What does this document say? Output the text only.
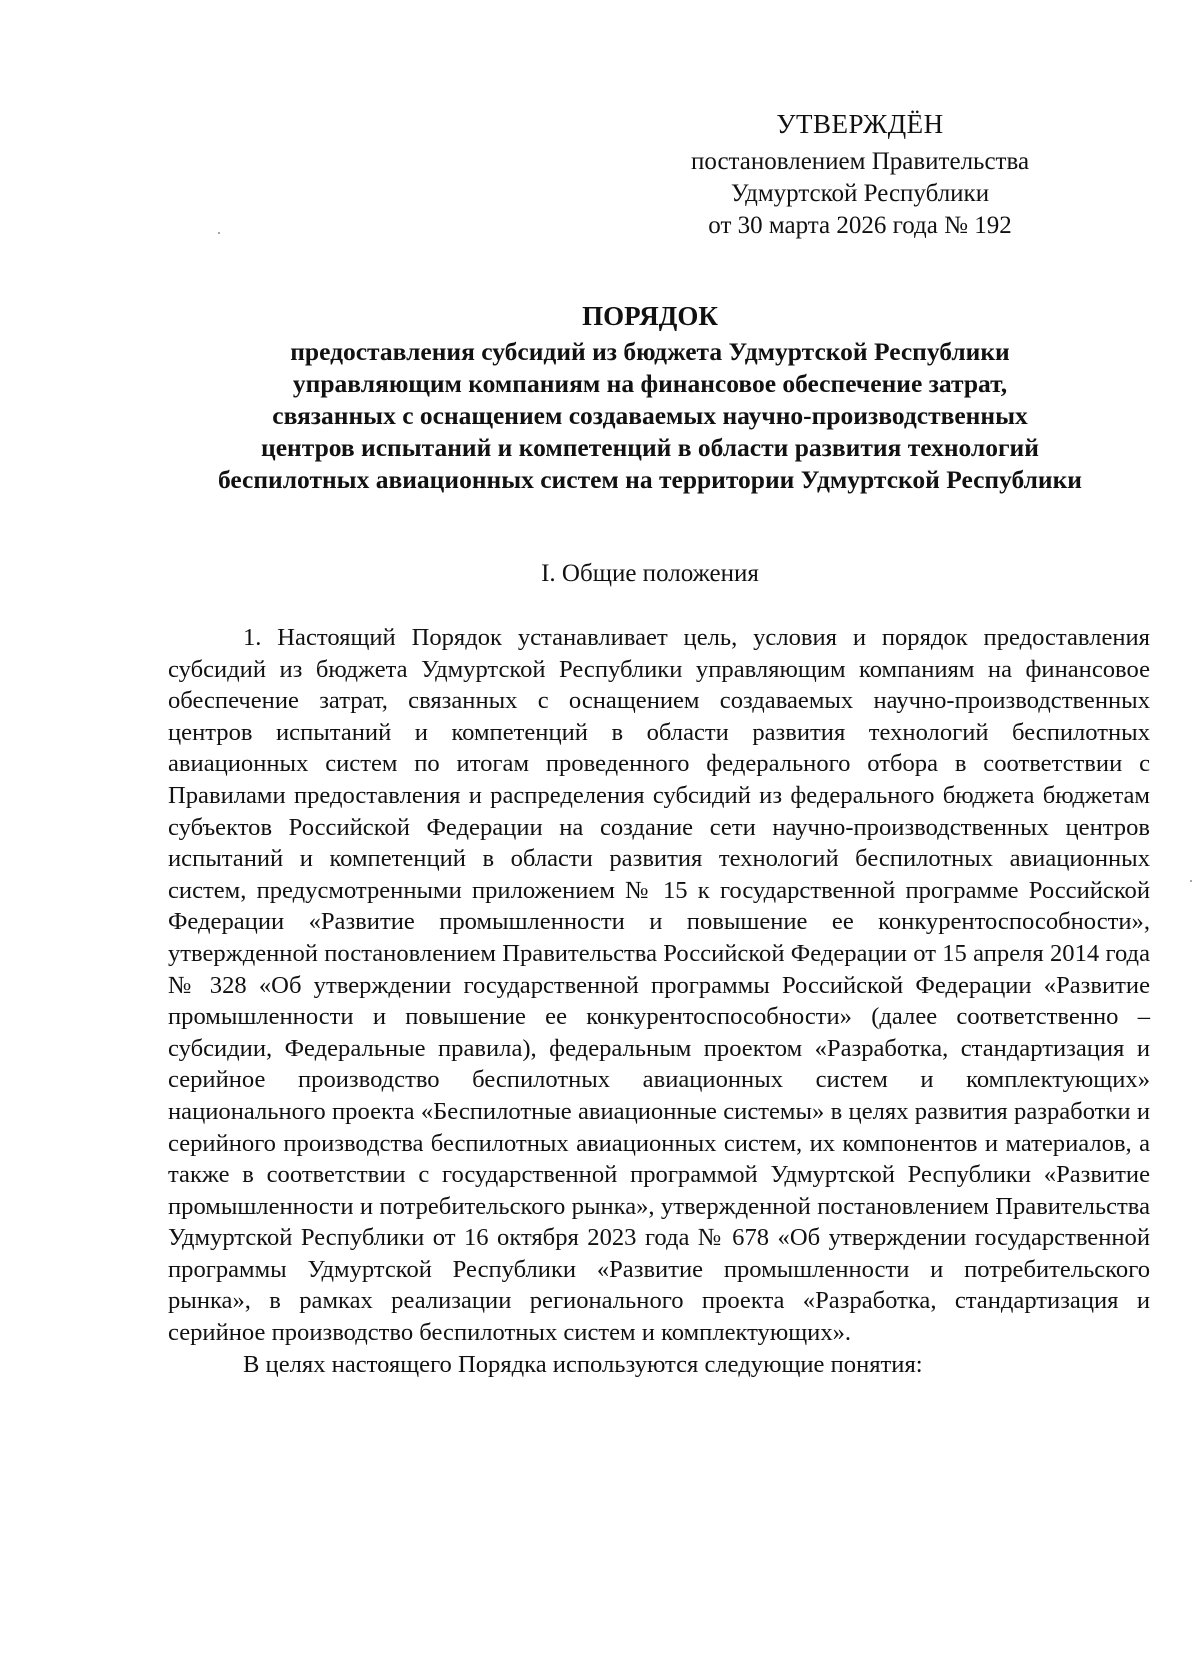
УТВЕРЖДЁН
постановлением Правительства
Удмуртской Республики
от 30 марта 2026 года № 192
ПОРЯДОК
предоставления субсидий из бюджета Удмуртской Республики
управляющим компаниям на финансовое обеспечение затрат,
связанных с оснащением создаваемых научно-производственных
центров испытаний и компетенций в области развития технологий
беспилотных авиационных систем на территории Удмуртской Республики
I. Общие положения

1. Настоящий Порядок устанавливает цель, условия и порядок предоставления субсидий из бюджета Удмуртской Республики управляющим компаниям на финансовое обеспечение затрат, связанных с оснащением создаваемых научно-производственных центров испытаний и компетенций в области развития технологий беспилотных авиационных систем по итогам проведенного федерального отбора в соответствии с Правилами предоставления и распределения субсидий из федерального бюджета бюджетам субъектов Российской Федерации на создание сети научно-производственных центров испытаний и компетенций в области развития технологий беспилотных авиационных систем, предусмотренными приложением № 15 к государственной программе Российской Федерации «Развитие промышленности и повышение ее конкурентоспособности», утвержденной постановлением Правительства Российской Федерации от 15 апреля 2014 года № 328 «Об утверждении государственной программы Российской Федерации «Развитие промышленности и повышение ее конкурентоспособности» (далее соответственно – субсидии, Федеральные правила), федеральным проектом «Разработка, стандартизация и серийное производство беспилотных авиационных систем и комплектующих» национального проекта «Беспилотные авиационные системы» в целях развития разработки и серийного производства беспилотных авиационных систем, их компонентов и материалов, а также в соответствии с государственной программой Удмуртской Республики «Развитие промышленности и потребительского рынка», утвержденной постановлением Правительства Удмуртской Республики от 16 октября 2023 года № 678 «Об утверждении государственной программы Удмуртской Республики «Развитие промышленности и потребительского рынка», в рамках реализации регионального проекта «Разработка, стандартизация и серийное производство беспилотных систем и комплектующих».

В целях настоящего Порядка используются следующие понятия:
